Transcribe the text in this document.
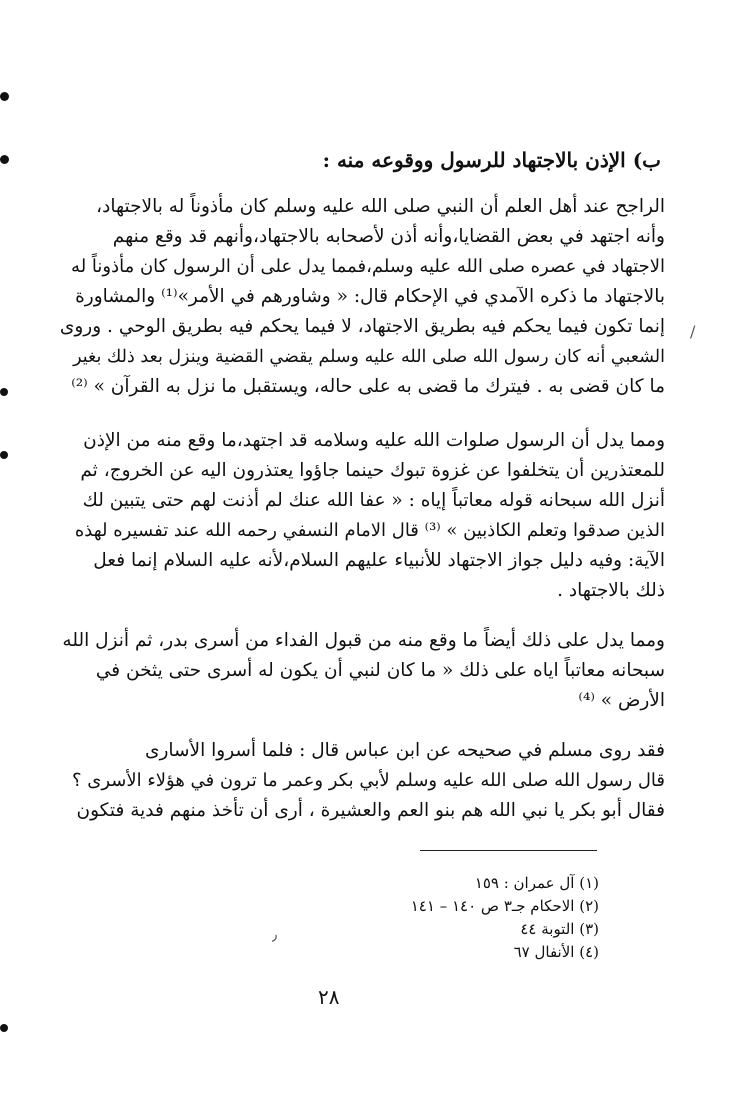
/
٫
ب) الإذن بالاجتهاد للرسول ووقوعه منه :
الراجح عند أهل العلم أن النبي صلى الله عليه وسلم كان مأذوناً له بالاجتهاد،
وأنه اجتهد في بعض القضايا،وأنه أذن لأصحابه بالاجتهاد،وأنهم قد وقع منهم
الاجتهاد في عصره صلى الله عليه وسلم،فمما يدل على أن الرسول كان مأذوناً له
بالاجتهاد ما ذكره الآمدي في الإحكام قال: « وشاورهم في الأمر»⁽¹⁾ والمشاورة
إنما تكون فيما يحكم فيه بطريق الاجتهاد، لا فيما يحكم فيه بطريق الوحي . وروى
الشعبي أنه كان رسول الله صلى الله عليه وسلم يقضي القضية وينزل بعد ذلك بغير
ما كان قضى به . فيترك ما قضى به على حاله، ويستقبل ما نزل به القرآن » ⁽²⁾
ومما يدل أن الرسول صلوات الله عليه وسلامه قد اجتهد،ما وقع منه من الإذن
للمعتذرين أن يتخلفوا عن غزوة تبوك حينما جاؤوا يعتذرون اليه عن الخروج، ثم
أنزل الله سبحانه قوله معاتباً إياه : « عفا الله عنك لم أذنت لهم حتى يتبين لك
الذين صدقوا وتعلم الكاذبين » ⁽³⁾ قال الامام النسفي رحمه الله عند تفسيره لهذه
الآية: وفيه دليل جواز الاجتهاد للأنبياء عليهم السلام،لأنه عليه السلام إنما فعل
ذلك بالاجتهاد .
ومما يدل على ذلك أيضاً ما وقع منه من قبول الفداء من أسرى بدر، ثم أنزل الله
سبحانه معاتباً اياه على ذلك « ما كان لنبي أن يكون له أسرى حتى يثخن في
الأرض » ⁽⁴⁾
فقد روى مسلم في صحيحه عن ابن عباس قال : فلما أسروا الأسارى
قال رسول الله صلى الله عليه وسلم لأبي بكر وعمر ما ترون في هؤلاء الأسرى ؟
فقال أبو بكر يا نبي الله هم بنو العم والعشيرة ، أرى أن تأخذ منهم فدية فتكون
(١) آل عمران : ١٥٩
(٢) الاحكام جـ٣ ص ١٤٠ – ١٤١
(٣) التوبة ٤٤
(٤) الأنفال ٦٧
٢٨
